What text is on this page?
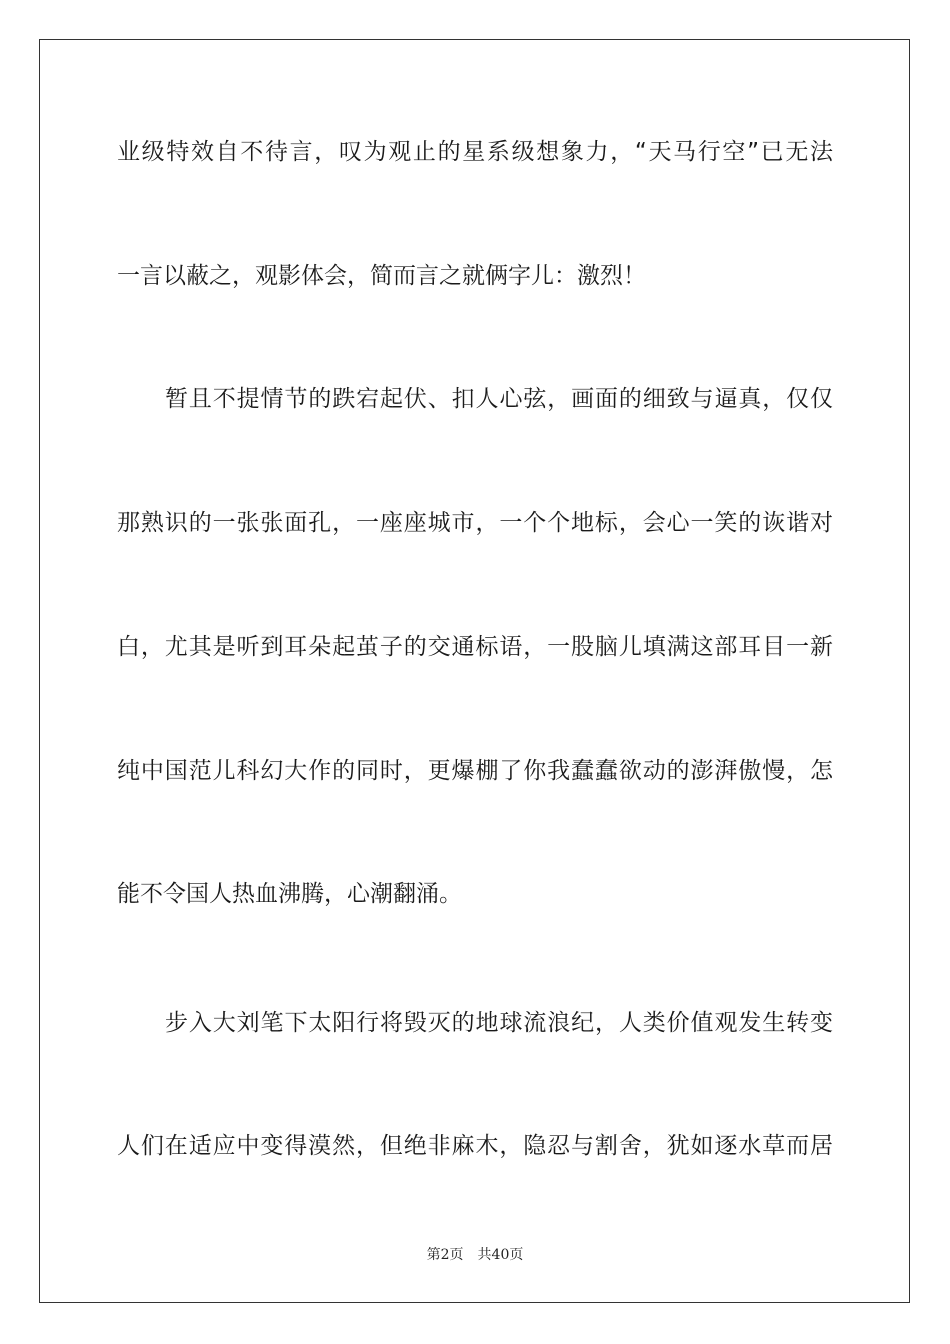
业级特效自不待言，叹为观止的星系级想象力，“天马行空”已无法
一言以蔽之，观影体会，简而言之就俩字儿：激烈！
暂且不提情节的跌宕起伏、扣人心弦，画面的细致与逼真，仅仅
那熟识的一张张面孔，一座座城市，一个个地标，会心一笑的诙谐对
白，尤其是听到耳朵起茧子的交通标语，一股脑儿填满这部耳目一新
纯中国范儿科幻大作的同时，更爆棚了你我蠢蠢欲动的澎湃傲慢，怎
能不令国人热血沸腾，心潮翻涌。
步入大刘笔下太阳行将毁灭的地球流浪纪，人类价值观发生转变
人们在适应中变得漠然，但绝非麻木，隐忍与割舍，犹如逐水草而居
第2页 共40页
